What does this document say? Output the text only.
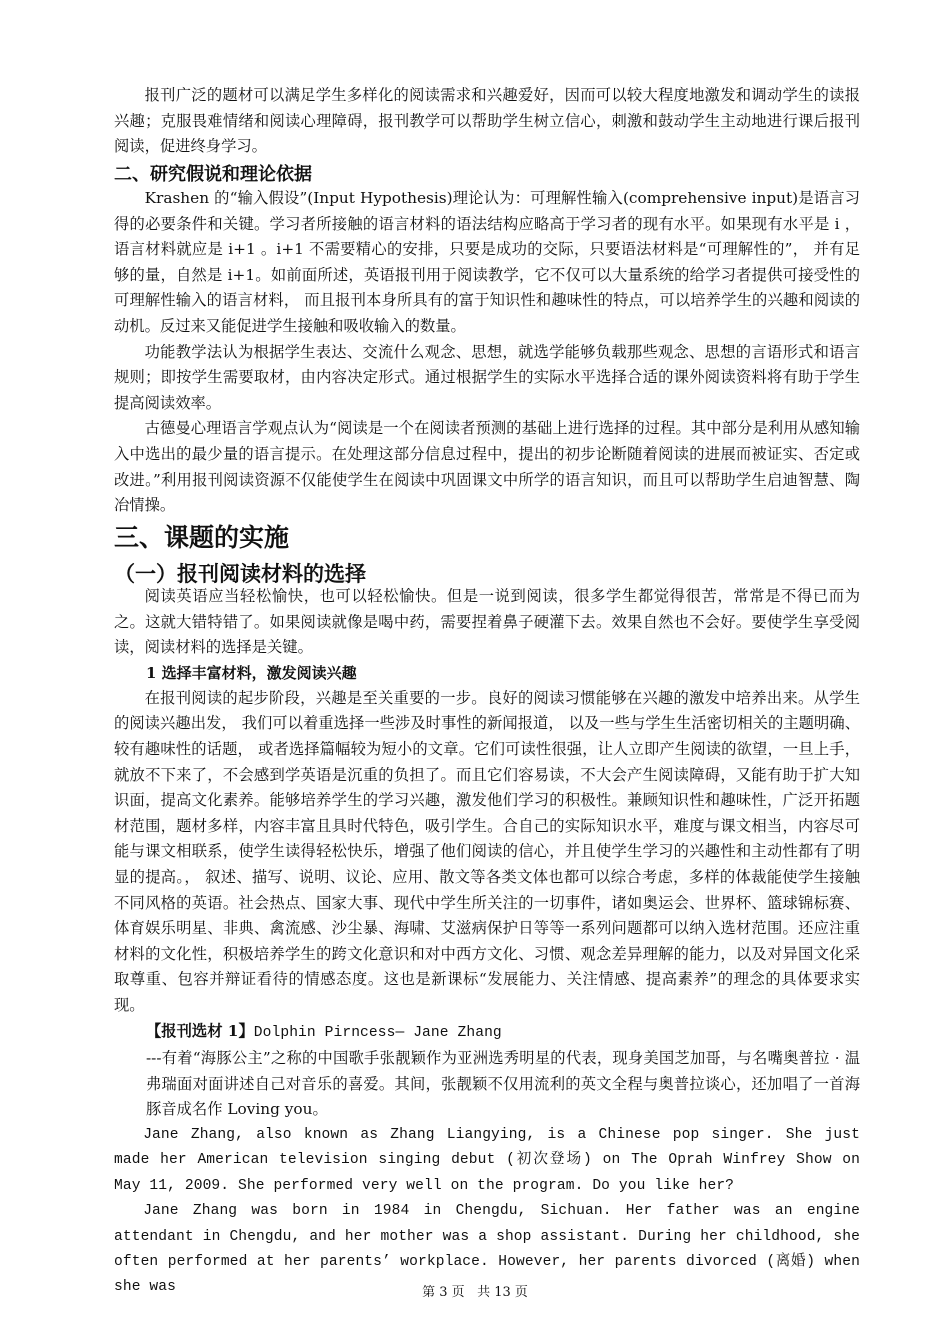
报刊广泛的题材可以满足学生多样化的阅读需求和兴趣爱好，因而可以较大程度地激发和调动学生的读报兴趣；克服畏难情绪和阅读心理障碍，报刊教学可以帮助学生树立信心，刺激和鼓动学生主动地进行课后报刊阅读，促进终身学习。

二、研究假说和理论依据

Krashen 的“输入假设”(Input Hypothesis)理论认为：可理解性输入(comprehensive input)是语言习得的必要条件和关键。学习者所接触的语言材料的语法结构应略高于学习者的现有水平。如果现有水平是 i ，语言材料就应是 i+1 。i+1 不需要精心的安排，只要是成功的交际，只要语法材料是“可理解性的”， 并有足够的量，自然是 i+1。如前面所述，英语报刊用于阅读教学，它不仅可以大量系统的给学习者提供可接受性的可理解性输入的语言材料， 而且报刊本身所具有的富于知识性和趣味性的特点，可以培养学生的兴趣和阅读的动机。反过来又能促进学生接触和吸收输入的数量。

功能教学法认为根据学生表达、交流什么观念、思想，就选学能够负载那些观念、思想的言语形式和语言规则；即按学生需要取材，由内容决定形式。通过根据学生的实际水平选择合适的课外阅读资料将有助于学生提高阅读效率。

古德曼心理语言学观点认为“阅读是一个在阅读者预测的基础上进行选择的过程。其中部分是利用从感知输入中选出的最少量的语言提示。在处理这部分信息过程中，提出的初步论断随着阅读的进展而被证实、否定或改进。”利用报刊阅读资源不仅能使学生在阅读中巩固课文中所学的语言知识，而且可以帮助学生启迪智慧、陶冶情操。

三、课题的实施
（一）报刊阅读材料的选择

阅读英语应当轻松愉快，也可以轻松愉快。但是一说到阅读，很多学生都觉得很苦，常常是不得已而为之。这就大错特错了。如果阅读就像是喝中药，需要捏着鼻子硬灌下去。效果自然也不会好。要使学生享受阅读，阅读材料的选择是关键。

1 选择丰富材料，激发阅读兴趣

在报刊阅读的起步阶段，兴趣是至关重要的一步。良好的阅读习惯能够在兴趣的激发中培养出来。从学生的阅读兴趣出发， 我们可以着重选择一些涉及时事性的新闻报道， 以及一些与学生生活密切相关的主题明确、较有趣味性的话题， 或者选择篇幅较为短小的文章。它们可读性很强，让人立即产生阅读的欲望，一旦上手，就放不下来了，不会感到学英语是沉重的负担了。而且它们容易读，不大会产生阅读障碍，又能有助于扩大知识面，提高文化素养。能够培养学生的学习兴趣，激发他们学习的积极性。兼顾知识性和趣味性，广泛开拓题材范围，题材多样，内容丰富且具时代特色，吸引学生。合自己的实际知识水平，难度与课文相当，内容尽可能与课文相联系，使学生读得轻松快乐，增强了他们阅读的信心，并且使学生学习的兴趣性和主动性都有了明显的提高。， 叙述、描写、说明、议论、应用、散文等各类文体也都可以综合考虑，多样的体裁能使学生接触不同风格的英语。社会热点、国家大事、现代中学生所关注的一切事件，诸如奥运会、世界杯、篮球锦标赛、体育娱乐明星、非典、禽流感、沙尘暴、海啸、艾滋病保护日等等一系列问题都可以纳入选材范围。还应注重材料的文化性，积极培养学生的跨文化意识和对中西方文化、习惯、观念差异理解的能力，以及对异国文化采取尊重、包容并辩证看待的情感态度。这也是新课标“发展能力、关注情感、提高素养”的理念的具体要求实现。

【报刊选材 1】Dolphin Pirncess— Jane Zhang

---有着“海豚公主”之称的中国歌手张靓颖作为亚洲选秀明星的代表，现身美国芝加哥，与名嘴奥普拉 · 温弗瑞面对面讲述自己对音乐的喜爱。其间，张靓颖不仅用流利的英文全程与奥普拉谈心，还加唱了一首海豚音成名作 Loving you。

Jane Zhang, also known as Zhang Liangying, is a Chinese pop singer. She just made her American television singing debut (初次登场) on The Oprah Winfrey Show on May 11, 2009. She performed very well on the program. Do you like her?

Jane Zhang was born in 1984 in Chengdu, Sichuan. Her father was an engine attendant in Chengdu, and her mother was a shop assistant. During her childhood, she often performed at her parents’ workplace. However, her parents divorced (离婚) when she was	第 3 页 共 13 页
